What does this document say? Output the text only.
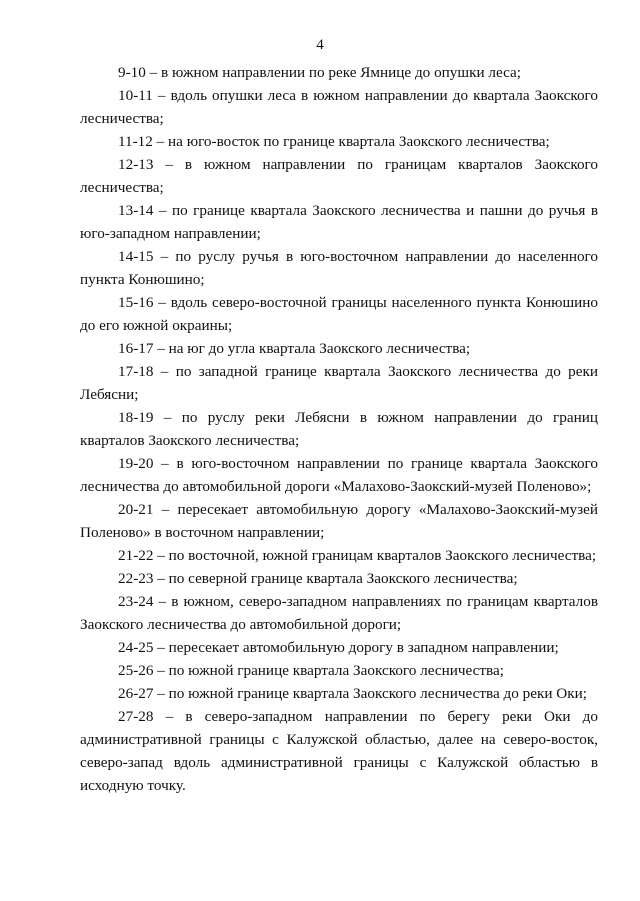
4

9-10 – в южном направлении по реке Ямнице до опушки леса;

10-11 – вдоль опушки леса в южном направлении до квартала Заокского лесничества;

11-12 – на юго-восток по границе квартала Заокского лесничества;

12-13 – в южном направлении по границам кварталов Заокского лесничества;

13-14 – по границе квартала Заокского лесничества и пашни до ручья в юго-западном направлении;

14-15 – по руслу ручья в юго-восточном направлении до населенного пункта Конюшино;

15-16 – вдоль северо-восточной границы населенного пункта Конюшино до его южной окраины;

16-17 – на юг до угла квартала Заокского лесничества;

17-18 – по западной границе квартала Заокского лесничества до реки Лебясни;

18-19 – по руслу реки Лебясни в южном направлении до границ кварталов Заокского лесничества;

19-20 – в юго-восточном направлении по границе квартала Заокского лесничества до автомобильной дороги «Малахово-Заокский-музей Поленово»;

20-21 – пересекает автомобильную дорогу «Малахово-Заокский-музей Поленово» в восточном направлении;

21-22 – по восточной, южной границам кварталов Заокского лесничества;

22-23 – по северной границе квартала Заокского лесничества;

23-24 – в южном, северо-западном направлениях по границам кварталов Заокского лесничества до автомобильной дороги;

24-25 – пересекает автомобильную дорогу в западном направлении;

25-26 – по южной границе квартала Заокского лесничества;

26-27 – по южной границе квартала Заокского лесничества до реки Оки;

27-28 – в северо-западном направлении по берегу реки Оки до административной границы с Калужской областью, далее на северо-восток, северо-запад вдоль административной границы с Калужской областью в исходную точку.
